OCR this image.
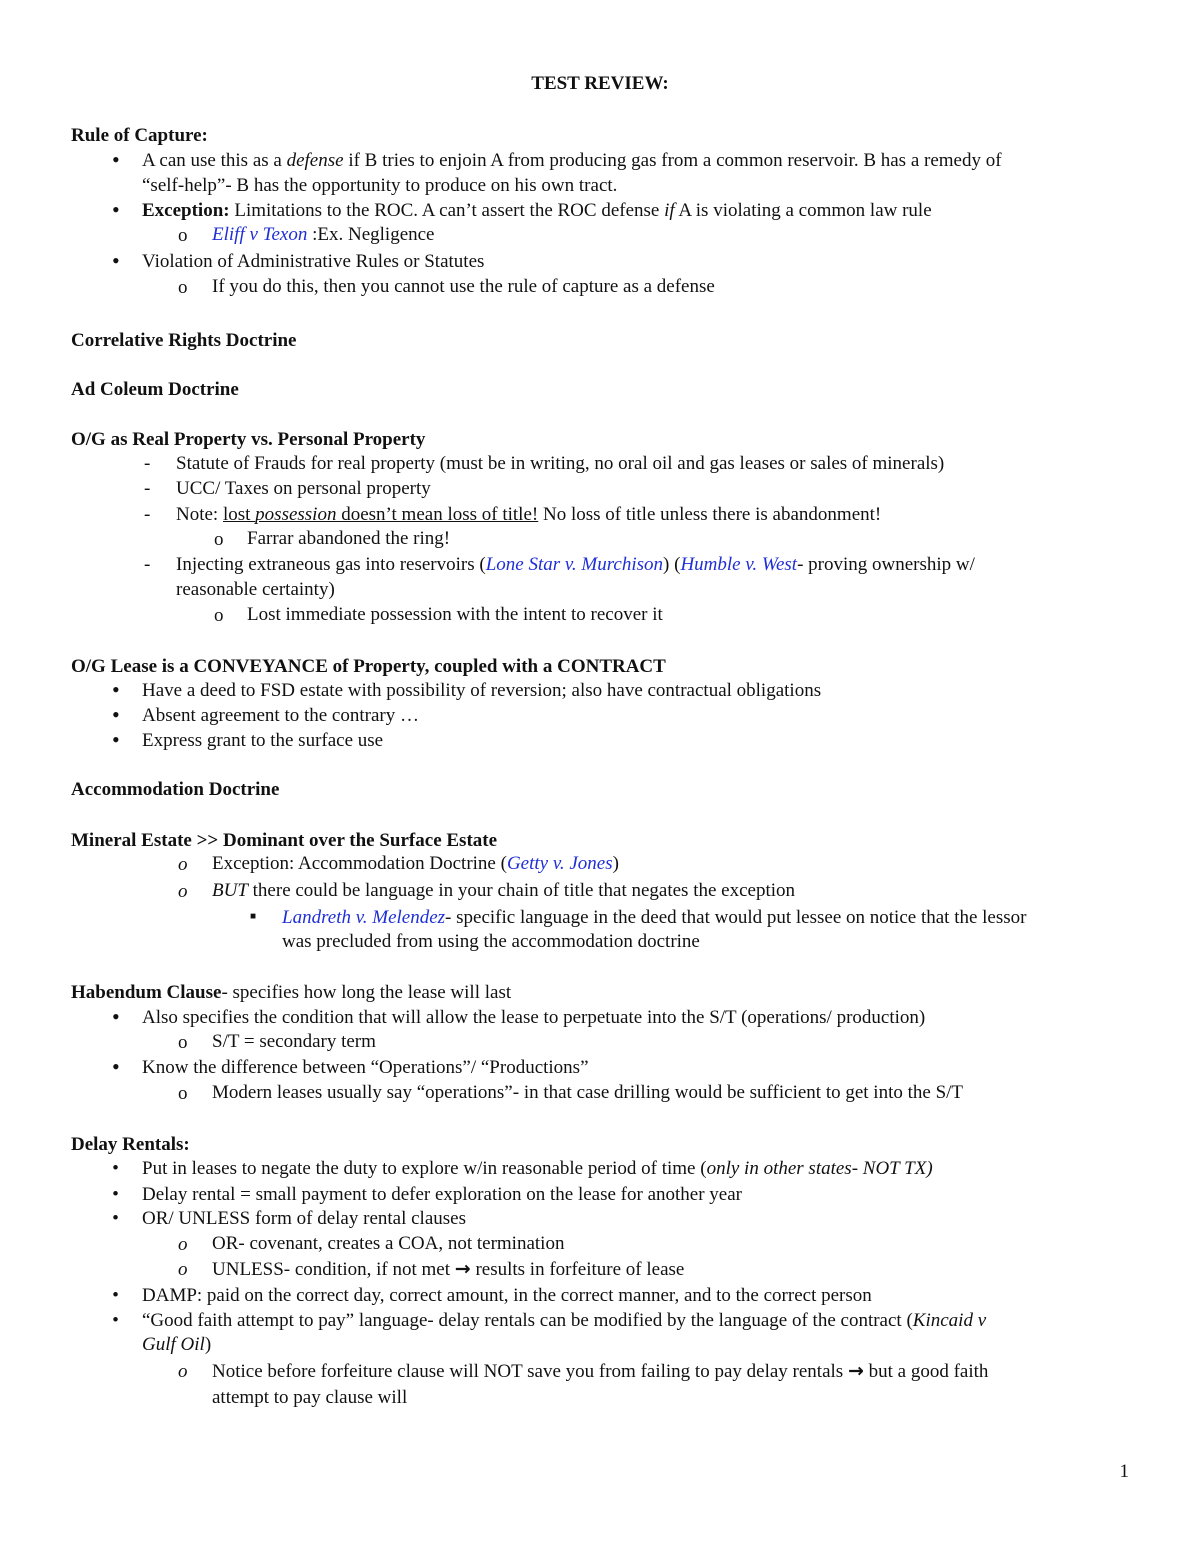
TEST REVIEW:
Rule of Capture:
• A can use this as a defense if B tries to enjoin A from producing gas from a common reservoir. B has a remedy of
“self-help”- B has the opportunity to produce on his own tract.
• Exception: Limitations to the ROC. A can’t assert the ROC defense if A is violating a common law rule
o Eliff v Texon :Ex. Negligence
• Violation of Administrative Rules or Statutes
o If you do this, then you cannot use the rule of capture as a defense
Correlative Rights Doctrine
Ad Coleum Doctrine
O/G as Real Property vs. Personal Property
- Statute of Frauds for real property (must be in writing, no oral oil and gas leases or sales of minerals)
- UCC/ Taxes on personal property
- Note: lost possession doesn’t mean loss of title! No loss of title unless there is abandonment!
o Farrar abandoned the ring!
- Injecting extraneous gas into reservoirs (Lone Star v. Murchison) (Humble v. West- proving ownership w/
reasonable certainty)
o Lost immediate possession with the intent to recover it
O/G Lease is a CONVEYANCE of Property, coupled with a CONTRACT
• Have a deed to FSD estate with possibility of reversion; also have contractual obligations
• Absent agreement to the contrary …
• Express grant to the surface use
Accommodation Doctrine
Mineral Estate >> Dominant over the Surface Estate
o Exception: Accommodation Doctrine (Getty v. Jones)
o BUT there could be language in your chain of title that negates the exception
■ Landreth v. Melendez- specific language in the deed that would put lessee on notice that the lessor
was precluded from using the accommodation doctrine
Habendum Clause- specifies how long the lease will last
• Also specifies the condition that will allow the lease to perpetuate into the S/T (operations/ production)
o S/T = secondary term
• Know the difference between “Operations”/ “Productions”
o Modern leases usually say “operations”- in that case drilling would be sufficient to get into the S/T
Delay Rentals:
• Put in leases to negate the duty to explore w/in reasonable period of time (only in other states- NOT TX)
• Delay rental = small payment to defer exploration on the lease for another year
• OR/ UNLESS form of delay rental clauses
o OR- covenant, creates a COA, not termination
o UNLESS- condition, if not met → results in forfeiture of lease
• DAMP: paid on the correct day, correct amount, in the correct manner, and to the correct person
• “Good faith attempt to pay” language- delay rentals can be modified by the language of the contract (Kincaid v
Gulf Oil)
o Notice before forfeiture clause will NOT save you from failing to pay delay rentals → but a good faith
attempt to pay clause will
1
